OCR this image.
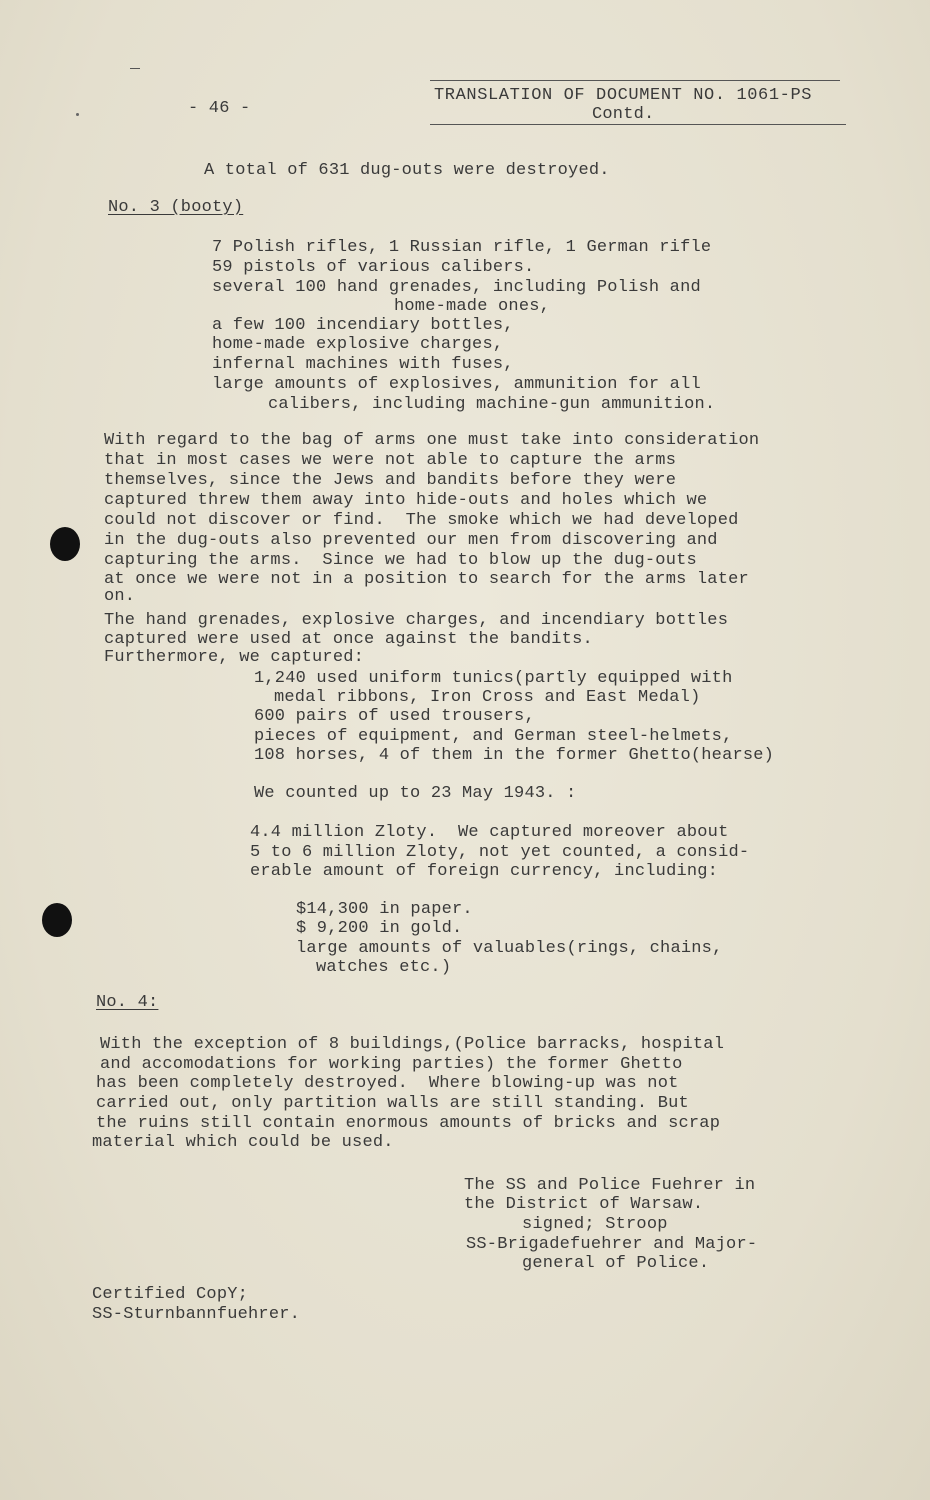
- 46 -
TRANSLATION OF DOCUMENT NO. 1061-PS
Contd.
A total of 631 dug-outs were destroyed.
No. 3 (booty)
7 Polish rifles, 1 Russian rifle, 1 German rifle
59 pistols of various calibers.
several 100 hand grenades, including Polish and
home-made ones,
a few 100 incendiary bottles,
home-made explosive charges,
infernal machines with fuses,
large amounts of explosives, ammunition for all
calibers, including machine-gun ammunition.
With regard to the bag of arms one must take into consideration
that in most cases we were not able to capture the arms
themselves, since the Jews and bandits before they were
captured threw them away into hide-outs and holes which we
could not discover or find.  The smoke which we had developed
in the dug-outs also prevented our men from discovering and
capturing the arms.  Since we had to blow up the dug-outs
at once we were not in a position to search for the arms later
on.
The hand grenades, explosive charges, and incendiary bottles
captured were used at once against the bandits.
Furthermore, we captured:
1,240 used uniform tunics(partly equipped with
medal ribbons, Iron Cross and East Medal)
600 pairs of used trousers,
pieces of equipment, and German steel-helmets,
108 horses, 4 of them in the former Ghetto(hearse)
We counted up to 23 May 1943. :
4.4 million Zloty.  We captured moreover about
5 to 6 million Zloty, not yet counted, a consid-
erable amount of foreign currency, including:
$14,300 in paper.
$ 9,200 in gold.
large amounts of valuables(rings, chains,
watches etc.)
No. 4:
With the exception of 8 buildings,(Police barracks, hospital
and accomodations for working parties) the former Ghetto
has been completely destroyed.  Where blowing-up was not
carried out, only partition walls are still standing. But
the ruins still contain enormous amounts of bricks and scrap
material which could be used.
The SS and Police Fuehrer in
the District of Warsaw.
signed; Stroop
SS-Brigadefuehrer and Major-
general of Police.
Certified CopY;
SS-Sturnbannfuehrer.
